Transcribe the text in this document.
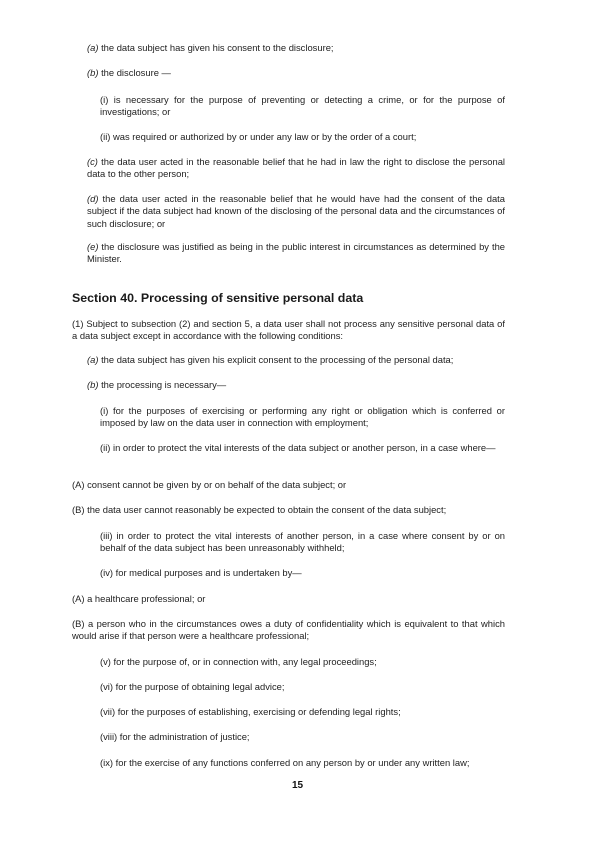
(a) the data subject has given his consent to the disclosure;

(b) the disclosure —

(i) is necessary for the purpose of preventing or detecting a crime, or for the purpose of investigations; or

(ii) was required or authorized by or under any law or by the order of a court;

(c) the data user acted in the reasonable belief that he had in law the right to disclose the personal data to the other person;

(d) the data user acted in the reasonable belief that he would have had the consent of the data subject if the data subject had known of the disclosing of the personal data and the circumstances of such disclosure; or

(e) the disclosure was justified as being in the public interest in circumstances as determined by the Minister.

Section 40. Processing of sensitive personal data

(1) Subject to subsection (2) and section 5, a data user shall not process any sensitive personal data of a data subject except in accordance with the following conditions:

(a) the data subject has given his explicit consent to the processing of the personal data;

(b) the processing is necessary—

(i) for the purposes of exercising or performing any right or obligation which is conferred or imposed by law on the data user in connection with employment;

(ii) in order to protect the vital interests of the data subject or another person, in a case where—

(A) consent cannot be given by or on behalf of the data subject; or

(B) the data user cannot reasonably be expected to obtain the consent of the data subject;

(iii) in order to protect the vital interests of another person, in a case where consent by or on behalf of the data subject has been unreasonably withheld;

(iv) for medical purposes and is undertaken by—

(A) a healthcare professional; or

(B) a person who in the circumstances owes a duty of confidentiality which is equivalent to that which would arise if that person were a healthcare professional;

(v) for the purpose of, or in connection with, any legal proceedings;

(vi) for the purpose of obtaining legal advice;

(vii) for the purposes of establishing, exercising or defending legal rights;

(viii) for the administration of justice;

(ix) for the exercise of any functions conferred on any person by or under any written law;

15
